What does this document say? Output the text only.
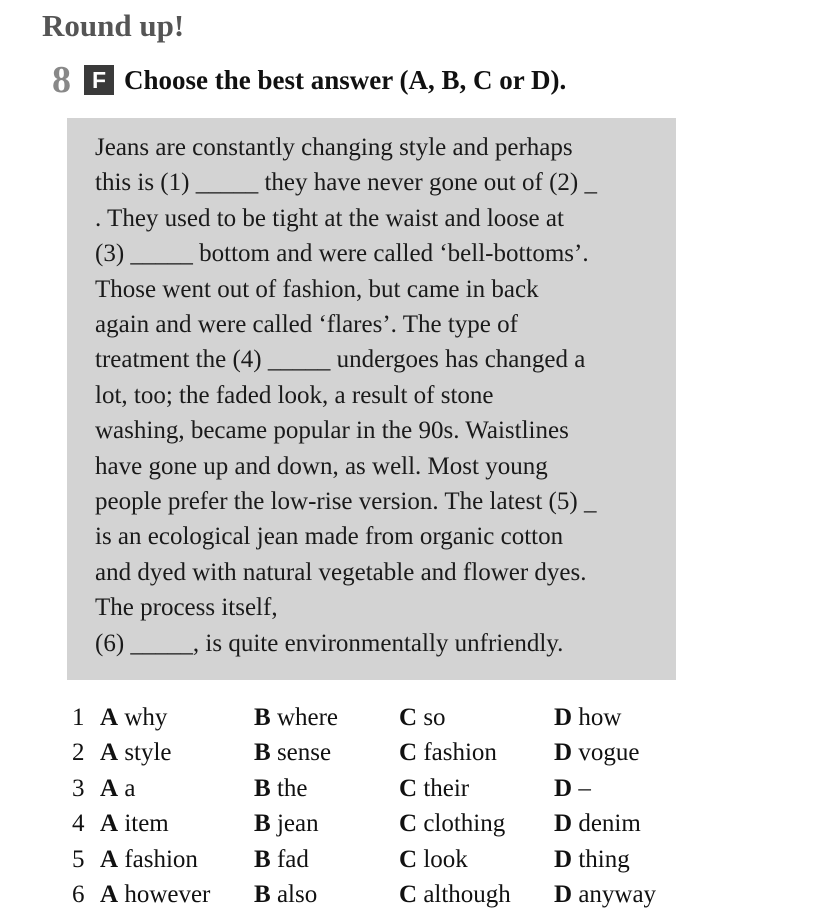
Round up!
8 F Choose the best answer (A, B, C or D).
Jeans are constantly changing style and perhaps
this is (1) _____ they have never gone out of (2) _
. They used to be tight at the waist and loose at
(3) _____ bottom and were called ‘bell-bottoms’.
Those went out of fashion, but came in back
again and were called ‘flares’. The type of
treatment the (4) _____ undergoes has changed a
lot, too; the faded look, a result of stone
washing, became popular in the 90s. Waistlines
have gone up and down, as well. Most young
people prefer the low-rise version. The latest (5) _
is an ecological jean made from organic cotton
and dyed with natural vegetable and flower dyes.
The process itself,
(6) _____, is quite environmentally unfriendly.
1 A why	B where C so	D how
2 A style	B sense	C fashion D vogue
3 A a	B the	C their	D –
4 A item	B jean	C clothing D denim
5 A fashion B fad	C look	D thing
6 A however B also	C although D anyway
